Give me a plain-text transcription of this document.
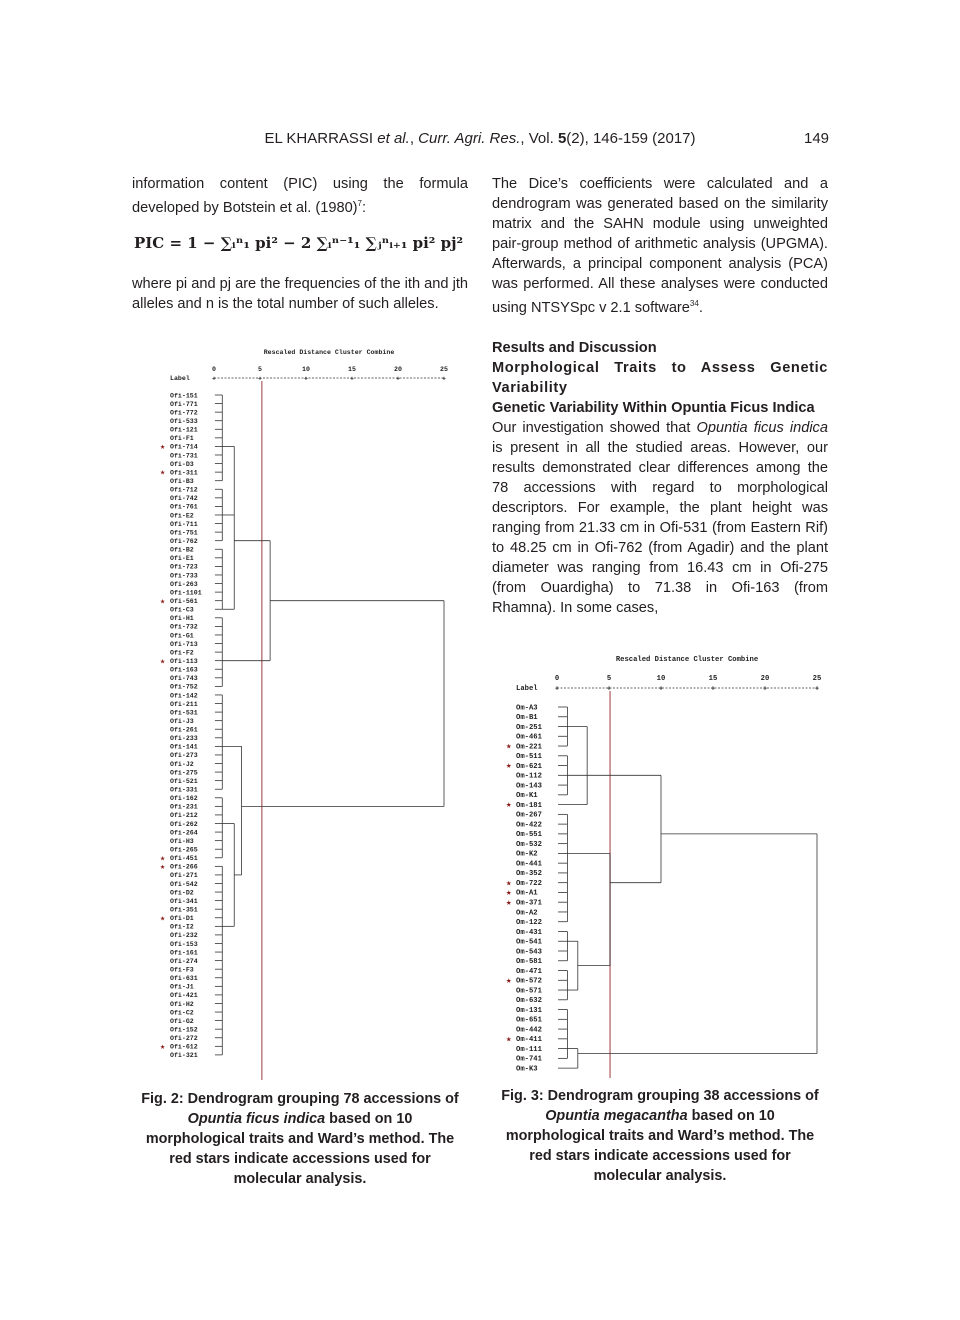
EL KHARRASSI et al., Curr. Agri. Res., Vol. 5(2), 146-159 (2017)	149

information content (PIC) using the formula developed by Botstein et al. $(1980)^7$:

PIC = 1 − ∑ᵢⁿ₁ pi² − 2 ∑ᵢⁿ⁻¹₁ ∑ⱼⁿᵢ₊₁ pi² pj²
where pi and pj are the frequencies of the ith and jth alleles and n is the total number of such alleles.

The Dice’s coefficients were calculated and a dendrogram was generated based on the similarity matrix and the SAHN module using unweighted pair-group method of arithmetic analysis (UPGMA). Afterwards, a principal component analysis (PCA) was performed. All these analyses were conducted using NTSYSpc v 2.1 software$^{34}$.

Results and Discussion

Morphological Traits to Assess Genetic Variability

Genetic Variability Within Opuntia Ficus Indica

Our investigation showed that Opuntia ficus indica is present in all the studied areas. However, our results demonstrated clear differences among the 78 accessions with regard to morphological descriptors. For example, the plant height was ranging from 21.33 cm in Ofi-531 (from Eastern Rif) to 48.25 cm in Ofi-762 (from Agadir) and the plant diameter was ranging from 16.43 cm in Ofi-275 (from Ouardigha) to 71.38 in Ofi-163 (from Rhamna). In some cases,

Rescaled Distance Cluster Combine
Label
0
+
5
+
10
+
15
+
20
+
25
+
Ofi-151
Ofi-771
Ofi-772
Ofi-533
Ofi-121
Ofi-F1
Ofi-714
★
Ofi-731
Ofi-D3
Ofi-311
★
Ofi-B3
Ofi-712
Ofi-742
Ofi-761
Ofi-E2
Ofi-711
Ofi-751
Ofi-762
Ofi-B2
Ofi-E1
Ofi-723
Ofi-733
Ofi-263
Ofi-1101
Ofi-561
★
Ofi-C3
Ofi-H1
Ofi-732
Ofi-G1
Ofi-713
Ofi-F2
Ofi-113
★
Ofi-163
Ofi-743
Ofi-752
Ofi-142
Ofi-211
Ofi-531
Ofi-J3
Ofi-261
Ofi-233
Ofi-141
Ofi-273
Ofi-J2
Ofi-275
Ofi-521
Ofi-331
Ofi-162
Ofi-231
Ofi-212
Ofi-262
Ofi-264
Ofi-H3
Ofi-265
Ofi-451
★
Ofi-266
★
Ofi-271
Ofi-542
Ofi-D2
Ofi-341
Ofi-351
Ofi-D1
★
Ofi-I2
Ofi-232
Ofi-153
Ofi-161
Ofi-274
Ofi-F3
Ofi-631
Ofi-J1
Ofi-421
Ofi-H2
Ofi-C2
Ofi-G2
Ofi-152
Ofi-272
Ofi-612
★
Ofi-321
Rescaled Distance Cluster Combine
Label
0
+
5
+
10
+
15
+
20
+
25
+
Om-A3
Om-B1
Om-251
Om-461
Om-221
★
Om-511
Om-621
★
Om-112
Om-143
Om-K1
Om-181
★
Om-267
Om-422
Om-551
Om-532
Om-K2
Om-441
Om-352
Om-722
★
Om-A1
★
Om-371
★
Om-A2
Om-122
Om-431
Om-541
Om-543
Om-581
Om-471
Om-572
★
Om-571
Om-632
Om-131
Om-651
Om-442
Om-411
★
Om-111
Om-741
Om-K3
Fig. 2: Dendrogram grouping 78 accessions of Opuntia ficus indica based on 10 morphological traits and Ward’s method. The red stars indicate accessions used for molecular analysis.
Fig. 3: Dendrogram grouping 38 accessions of Opuntia megacantha based on 10 morphological traits and Ward’s method. The red stars indicate accessions used for molecular analysis.
